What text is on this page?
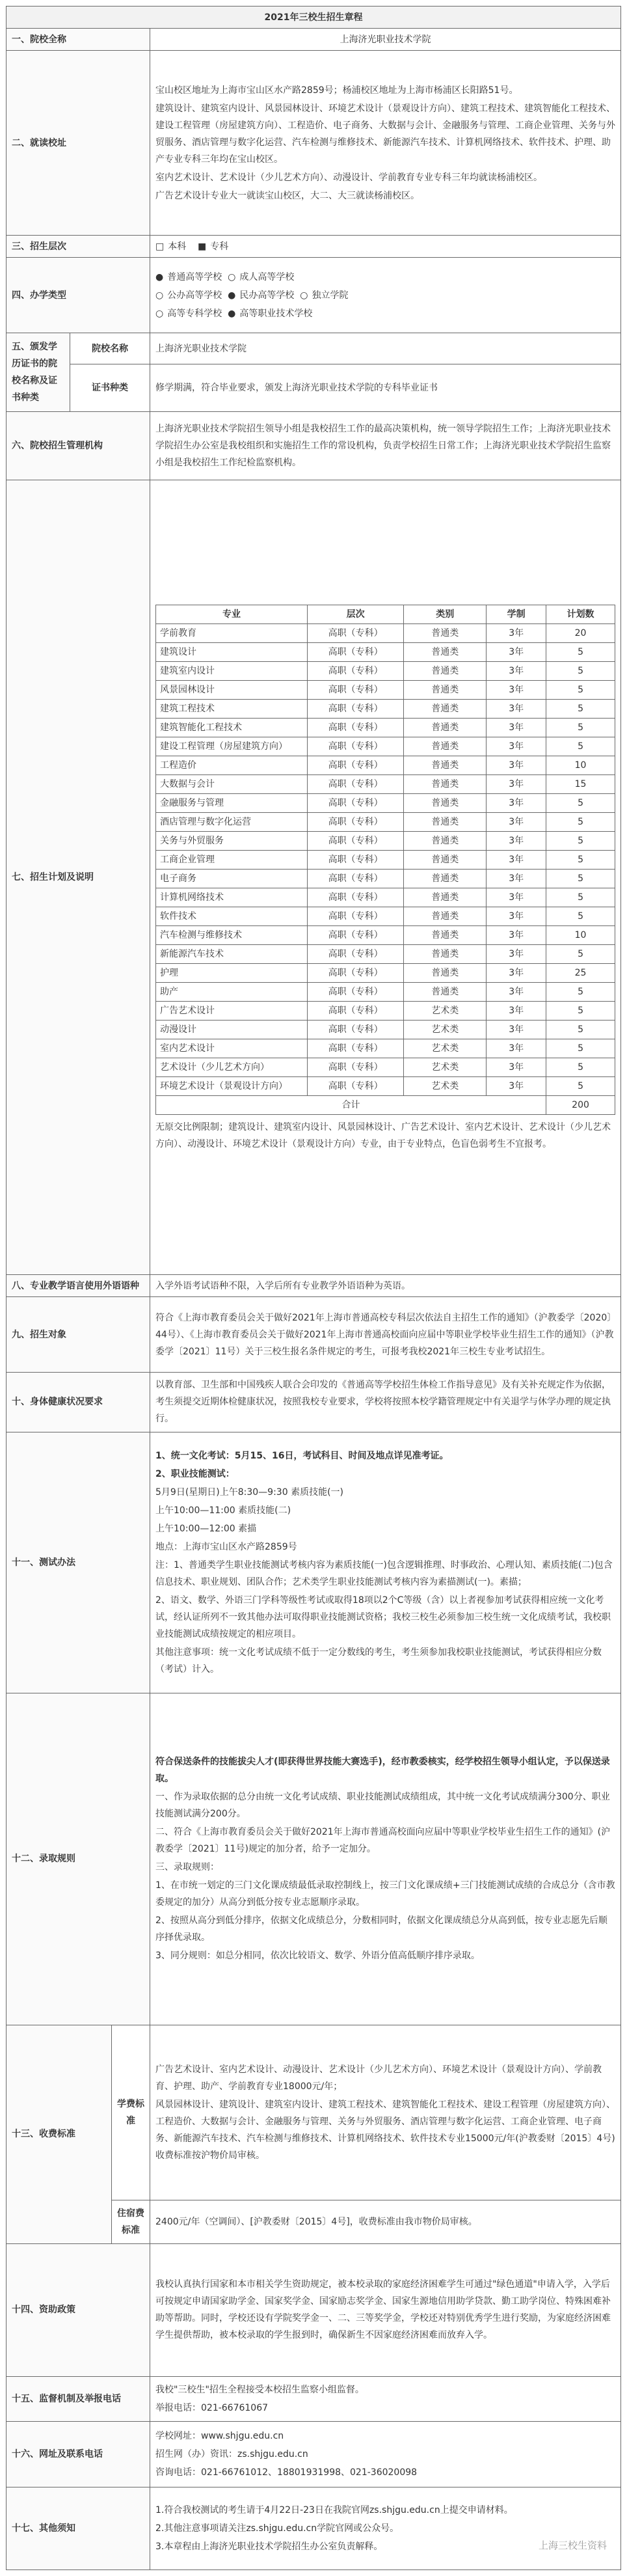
2021年三校生招生章程
一、院校全称	上海济光职业技术学院
二、就读校址	
宝山校区地址为上海市宝山区水产路2859号；杨浦校区地址为上海市杨浦区长阳路51号。
建筑设计、建筑室内设计、风景园林设计、环境艺术设计（景观设计方向）、建筑工程技术、建筑智能化工程技术、建设工程管理（房屋建筑方向）、工程造价、电子商务、大数据与会计、金融服务与管理、工商企业管理、关务与外贸服务、酒店管理与数字化运营、汽车检测与维修技术、新能源汽车技术、计算机网络技术、软件技术、护理、助产专业专科三年均在宝山校区。
室内艺术设计、艺术设计（少儿艺术方向）、动漫设计、学前教育专业专科三年均就读杨浦校区。
广告艺术设计专业大一就读宝山校区，大二、大三就读杨浦校区。

三、招生层次	□ 本科 ■ 专科
四、办学类型	
● 普通高等学校 ○ 成人高等学校
○ 公办高等学校 ● 民办高等学校 ○ 独立学院
○ 高等专科学校 ● 高等职业技术学校

五、颁发学历证书的院校名称及证书种类	院校名称	上海济光职业技术学院
证书种类	修学期满，符合毕业要求，颁发上海济光职业技术学院的专科毕业证书
六、院校招生管理机构	上海济光职业技术学院招生领导小组是我校招生工作的最高决策机构，统一领导学院招生工作；上海济光职业技术学院招生办公室是我校组织和实施招生工作的常设机构，负责学校招生日常工作；上海济光职业技术学院招生监察小组是我校招生工作纪检监察机构。
七、招生计划及说明	
专业	层次	类别	学制	计划数
学前教育	高职（专科）	普通类	3年	20
建筑设计	高职（专科）	普通类	3年	5
建筑室内设计	高职（专科）	普通类	3年	5
风景园林设计	高职（专科）	普通类	3年	5
建筑工程技术	高职（专科）	普通类	3年	5
建筑智能化工程技术	高职（专科）	普通类	3年	5
建设工程管理（房屋建筑方向）	高职（专科）	普通类	3年	5
工程造价	高职（专科）	普通类	3年	10
大数据与会计	高职（专科）	普通类	3年	15
金融服务与管理	高职（专科）	普通类	3年	5
酒店管理与数字化运营	高职（专科）	普通类	3年	5
关务与外贸服务	高职（专科）	普通类	3年	5
工商企业管理	高职（专科）	普通类	3年	5
电子商务	高职（专科）	普通类	3年	5
计算机网络技术	高职（专科）	普通类	3年	5
软件技术	高职（专科）	普通类	3年	5
汽车检测与维修技术	高职（专科）	普通类	3年	10
新能源汽车技术	高职（专科）	普通类	3年	5
护理	高职（专科）	普通类	3年	25
助产	高职（专科）	普通类	3年	5
广告艺术设计	高职（专科）	艺术类	3年	5
动漫设计	高职（专科）	艺术类	3年	5
室内艺术设计	高职（专科）	艺术类	3年	5
艺术设计（少儿艺术方向）	高职（专科）	艺术类	3年	5
环境艺术设计（景观设计方向）	高职（专科）	艺术类	3年	5
合计	200
无原交比例限制；建筑设计、建筑室内设计、风景园林设计、广告艺术设计、室内艺术设计、艺术设计（少儿艺术方向）、动漫设计、环境艺术设计（景观设计方向）专业，由于专业特点，色盲色弱考生不宜报考。

八、专业教学语言使用外语语种	入学外语考试语种不限，入学后所有专业教学外语语种为英语。
九、招生对象	符合《上海市教育委员会关于做好2021年上海市普通高校专科层次依法自主招生工作的通知》（沪教委学〔2020〕44号）、《上海市教育委员会关于做好2021年上海市普通高校面向应届中等职业学校毕业生招生工作的通知》（沪教委学〔2021〕11号）关于三校生报名条件规定的考生，可报考我校2021年三校生专业考试招生。
十、身体健康状况要求	以教育部、卫生部和中国残疾人联合会印发的《普通高等学校招生体检工作指导意见》及有关补充规定作为依据，考生须提交近期体检健康状况，按照我校专业要求，学校将按照本校学籍管理规定中有关退学与休学办理的规定执行。
十一、测试办法	
1、统一文化考试：5月15、16日，考试科目、时间及地点详见准考证。
2、职业技能测试：
5月9日(星期日)上午8:30—9:30 素质技能(一)
上午10:00—11:00 素质技能(二)
上午10:00—12:00 素描
地点：上海市宝山区水产路2859号
注：1、普通类学生职业技能测试考核内容为素质技能(一)包含逻辑推理、时事政治、心理认知、素质技能(二)包含信息技术、职业规划、团队合作；艺术类学生职业技能测试考核内容为素描测试(一)。素描；
2、语文、数学、外语三门学科等级性考试或取得18项以2个C等级（含）以上者视参加考试获得相应统一文化考试，经认证所列不一致其他办法可取得职业技能测试资格；我校三校生必须参加三校生统一文化成绩考试，我校职业技能测试成绩按规定的相应项目。
其他注意事项：统一文化考试成绩不低于一定分数线的考生，考生须参加我校职业技能测试，考试获得相应分数（考试）计入。

十二、录取规则	
符合保送条件的技能拔尖人才(即获得世界技能大赛选手)，经市教委核实，经学校招生领导小组认定，予以保送录取。
一、作为录取依据的总分由统一文化考试成绩、职业技能测试成绩组成，其中统一文化考试成绩满分300分、职业技能测试满分200分。
二、符合《上海市教育委员会关于做好2021年上海市普通高校面向应届中等职业学校毕业生招生工作的通知》(沪教委学〔2021〕11号)规定的加分者，给予一定加分。
三、录取规则：
1、在市统一划定的三门文化课成绩最低录取控制线上，按三门文化课成绩+三门技能测试成绩的合成总分（含市教委规定的加分）从高分到低分按专业志愿顺序录取。
2、按照从高分到低分排序，依据文化成绩总分，分数相同时，依据文化课成绩总分从高到低，按专业志愿先后顺序择优录取。
3、同分规则：如总分相同，依次比较语文、数学、外语分值高低顺序排序录取。

十三、收费标准	学费标准	
广告艺术设计、室内艺术设计、动漫设计、艺术设计（少儿艺术方向）、环境艺术设计（景观设计方向）、学前教育、护理、助产、学前教育专业18000元/年；
风景园林设计、建筑设计、建筑室内设计、建筑工程技术、建筑智能化工程技术、建设工程管理（房屋建筑方向）、工程造价、大数据与会计、金融服务与管理、关务与外贸服务、酒店管理与数字化运营、工商企业管理、电子商务、新能源汽车技术、汽车检测与维修技术、计算机网络技术、软件技术专业15000元/年(沪教委财〔2015〕4号)收费标准按沪物价局审核。

住宿费标准	2400元/年（空调间）、[沪教委财〔2015〕4号]，收费标准由我市物价局审核。
十四、资助政策	我校认真执行国家和本市相关学生资助规定，被本校录取的家庭经济困难学生可通过"绿色通道"申请入学，入学后可按规定申请国家助学金、国家奖学金、国家励志奖学金、国家生源地信用助学贷款、勤工助学岗位、特殊困难补助等帮助。同时，学校还设有学院奖学金一、二、三等奖学金，学校还对特别优秀学生进行奖励，为家庭经济困难学生提供帮助，被本校录取的学生报到时，确保新生不因家庭经济困难而放弃入学。
十五、监督机制及举报电话	
我校"三校生"招生全程接受本校招生监察小组监督。
举报电话：021-66761067

十六、网址及联系电话	
学校网址：www.shjgu.edu.cn
招生网（办）资讯：zs.shjgu.edu.cn
咨询电话：021-66761012、18801931998、021-36020098

十七、其他须知	
1.符合我校测试的考生请于4月22日-23日在我院官网zs.shjgu.edu.cn上提交申请材料。
2.其他注意事项请关注zs.shjgu.edu.cn学院官网或公众号。
3.本章程由上海济光职业技术学院招生办公室负责解释。	上海三校生资料
